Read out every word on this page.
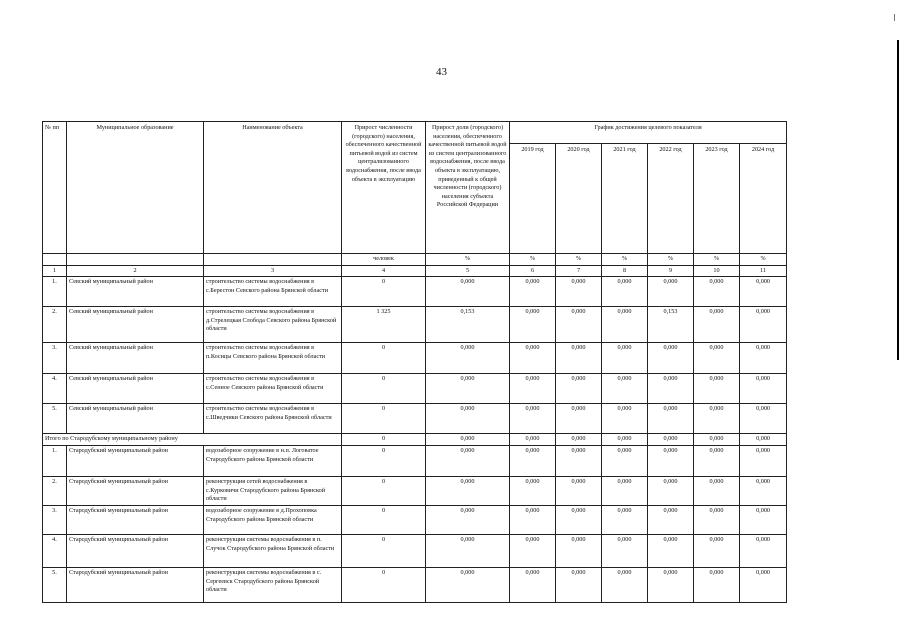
43
№ пп	Муниципальное образование	Наименование объекта	Прирост численности (городского) населения, обеспеченного качественной питьевой водой из систем централизованного водоснабжения, после ввода объекта в эксплуатацию	Прирост доли (городского) населения, обеспеченного качественной питьевой водой из систем централизованного водоснабжения, после ввода объекта в эксплуатацию, приведенный к общей численности (городского) населения субъекта Российской Федерации	График достижения целевого показателя					
					2019 год	2020 год	2021 год	2022 год	2023 год	2024 год
			человек	%	%	%	%	%	%	%
1	2	3	4	5	6	7	8	9	10	11
1.	Севский муниципальный район	строительство системы водоснабжения в с.Берестон Севского района Брянской области	0	0,000	0,000	0,000	0,000	0,000	0,000	0,000
2.	Севский муниципальный район	строительство системы водоснабжения в д.Стрелецкая Слобода Севского района Брянской области	1 325	0,153	0,000	0,000	0,000	0,153	0,000	0,000
3.	Севский муниципальный район	строительство системы водоснабжения в п.Косицы Севского района Брянской области	0	0,000	0,000	0,000	0,000	0,000	0,000	0,000
4.	Севский муниципальный район	строительство системы водоснабжения в с.Сенное Севского района Брянской области	0	0,000	0,000	0,000	0,000	0,000	0,000	0,000
5.	Севский муниципальный район	строительство системы водоснабжения в с.Шведчики Севского района Брянской области	0	0,000	0,000	0,000	0,000	0,000	0,000	0,000
Итого по Стародубскому муниципальному району			0	0,000	0,000	0,000	0,000	0,000	0,000	0,000
1.	Стародубский муниципальный район	водозаборное сооружение в н.п. Логоватое Стародубского района Брянской области	0	0,000	0,000	0,000	0,000	0,000	0,000	0,000
2.	Стародубский муниципальный район	реконструкция сетей водоснабжения в с.Курковичи Стародубского района Брянской области	0	0,000	0,000	0,000	0,000	0,000	0,000	0,000
3.	Стародубский муниципальный район	водозаборное сооружение в д.Прохоповка Стародубского района Брянской области	0	0,000	0,000	0,000	0,000	0,000	0,000	0,000
4.	Стародубский муниципальный район	реконструкция системы водоснабжения в п. Случок Стародубского района Брянской области	0	0,000	0,000	0,000	0,000	0,000	0,000	0,000
5.	Стародубский муниципальный район	реконструкция системы водоснабжения в с. Сергеевск Стародубского района Брянской области	0	0,000	0,000	0,000	0,000	0,000	0,000	0,000
